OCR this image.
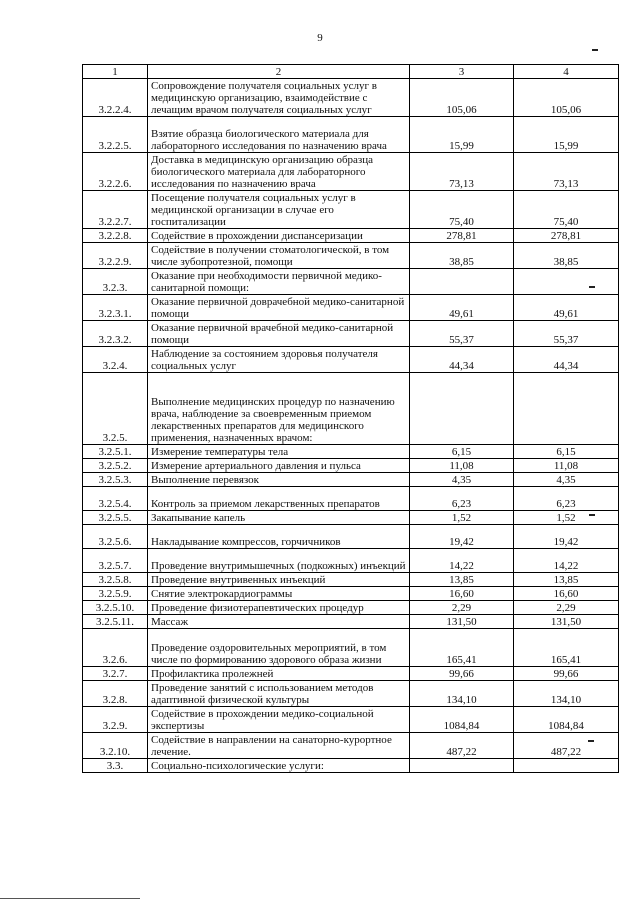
9
1	2	3	4
3.2.2.4.	Сопровождение получателя социальных услуг в медицинскую организацию, взаимодействие с лечащим врачом получателя социальных услуг	105,06	105,06
3.2.2.5.	Взятие образца биологического материала для лабораторного исследования по назначению врача	15,99	15,99
3.2.2.6.	Доставка в медицинскую организацию образца биологического материала для лабораторного исследования по назначению врача	73,13	73,13
3.2.2.7.	Посещение получателя социальных услуг в медицинской организации в случае его госпитализации	75,40	75,40
3.2.2.8.	Содействие в прохождении диспансеризации	278,81	278,81
3.2.2.9.	Содействие в получении стоматологической, в том числе зубопротезной, помощи	38,85	38,85
3.2.3.	Оказание при необходимости первичной медико-санитарной помощи:		
3.2.3.1.	Оказание первичной доврачебной медико-санитарной помощи	49,61	49,61
3.2.3.2.	Оказание первичной врачебной медико-санитарной помощи	55,37	55,37
3.2.4.	Наблюдение за состоянием здоровья получателя социальных услуг	44,34	44,34
3.2.5.	Выполнение медицинских процедур по назначению врача, наблюдение за своевременным приемом лекарственных препаратов для медицинского применения, назначенных врачом:		
3.2.5.1.	Измерение температуры тела	6,15	6,15
3.2.5.2.	Измерение артериального давления и пульса	11,08	11,08
3.2.5.3.	Выполнение перевязок	4,35	4,35
3.2.5.4.	Контроль за приемом лекарственных препаратов	6,23	6,23
3.2.5.5.	Закапывание капель	1,52	1,52
3.2.5.6.	Накладывание компрессов, горчичников	19,42	19,42
3.2.5.7.	Проведение внутримышечных (подкожных) инъекций	14,22	14,22
3.2.5.8.	Проведение внутривенных инъекций	13,85	13,85
3.2.5.9.	Снятие электрокардиограммы	16,60	16,60
3.2.5.10.	Проведение физиотерапевтических процедур	2,29	2,29
3.2.5.11.	Массаж	131,50	131,50
3.2.6.	Проведение оздоровительных мероприятий, в том числе по формированию здорового образа жизни	165,41	165,41
3.2.7.	Профилактика пролежней	99,66	99,66
3.2.8.	Проведение занятий с использованием методов адаптивной физической культуры	134,10	134,10
3.2.9.	Содействие в прохождении медико-социальной экспертизы	1084,84	1084,84
3.2.10.	Содействие в направлении на санаторно-курортное лечение.	487,22	487,22
3.3.	Социально-психологические услуги:		
